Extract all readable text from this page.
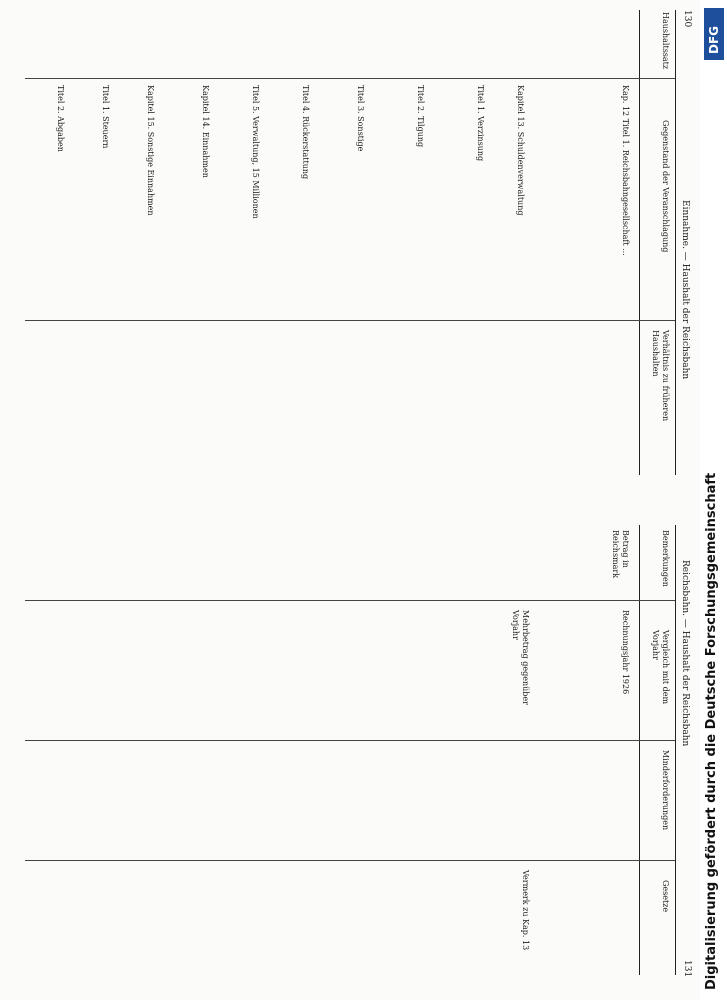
130
Einnahme. — Haushalt der Reichsbahn
Reichsbahn. — Haushalt der Reichsbahn
131
Haushaltssatz
Gegenstand der Veranschlagung
Verhältnis zu früheren Haushalten
Bemerkungen
Vergleich mit dem Vorjahr
Minderforderungen
Gesetze
Kap. 12 Titel 1. Reichsbahngesellschaft ...
Kapitel 13. Schuldenverwaltung
Titel 1. Verzinsung
Titel 2. Tilgung
Titel 3. Sonstige
Titel 4. Rückerstattung
Titel 5. Verwaltung, 15 Millionen
Kapitel 14. Einnahmen
Kapitel 15. Sonstige Einnahmen
Titel 1. Steuern
Titel 2. Abgaben
Betrag in Reichsmark
Rechnungsjahr 1926
Mehrbetrag gegenüber Vorjahr
Vermerk zu Kap. 13
DFG
Digitalisierung gefördert durch die Deutsche Forschungsgemeinschaft
